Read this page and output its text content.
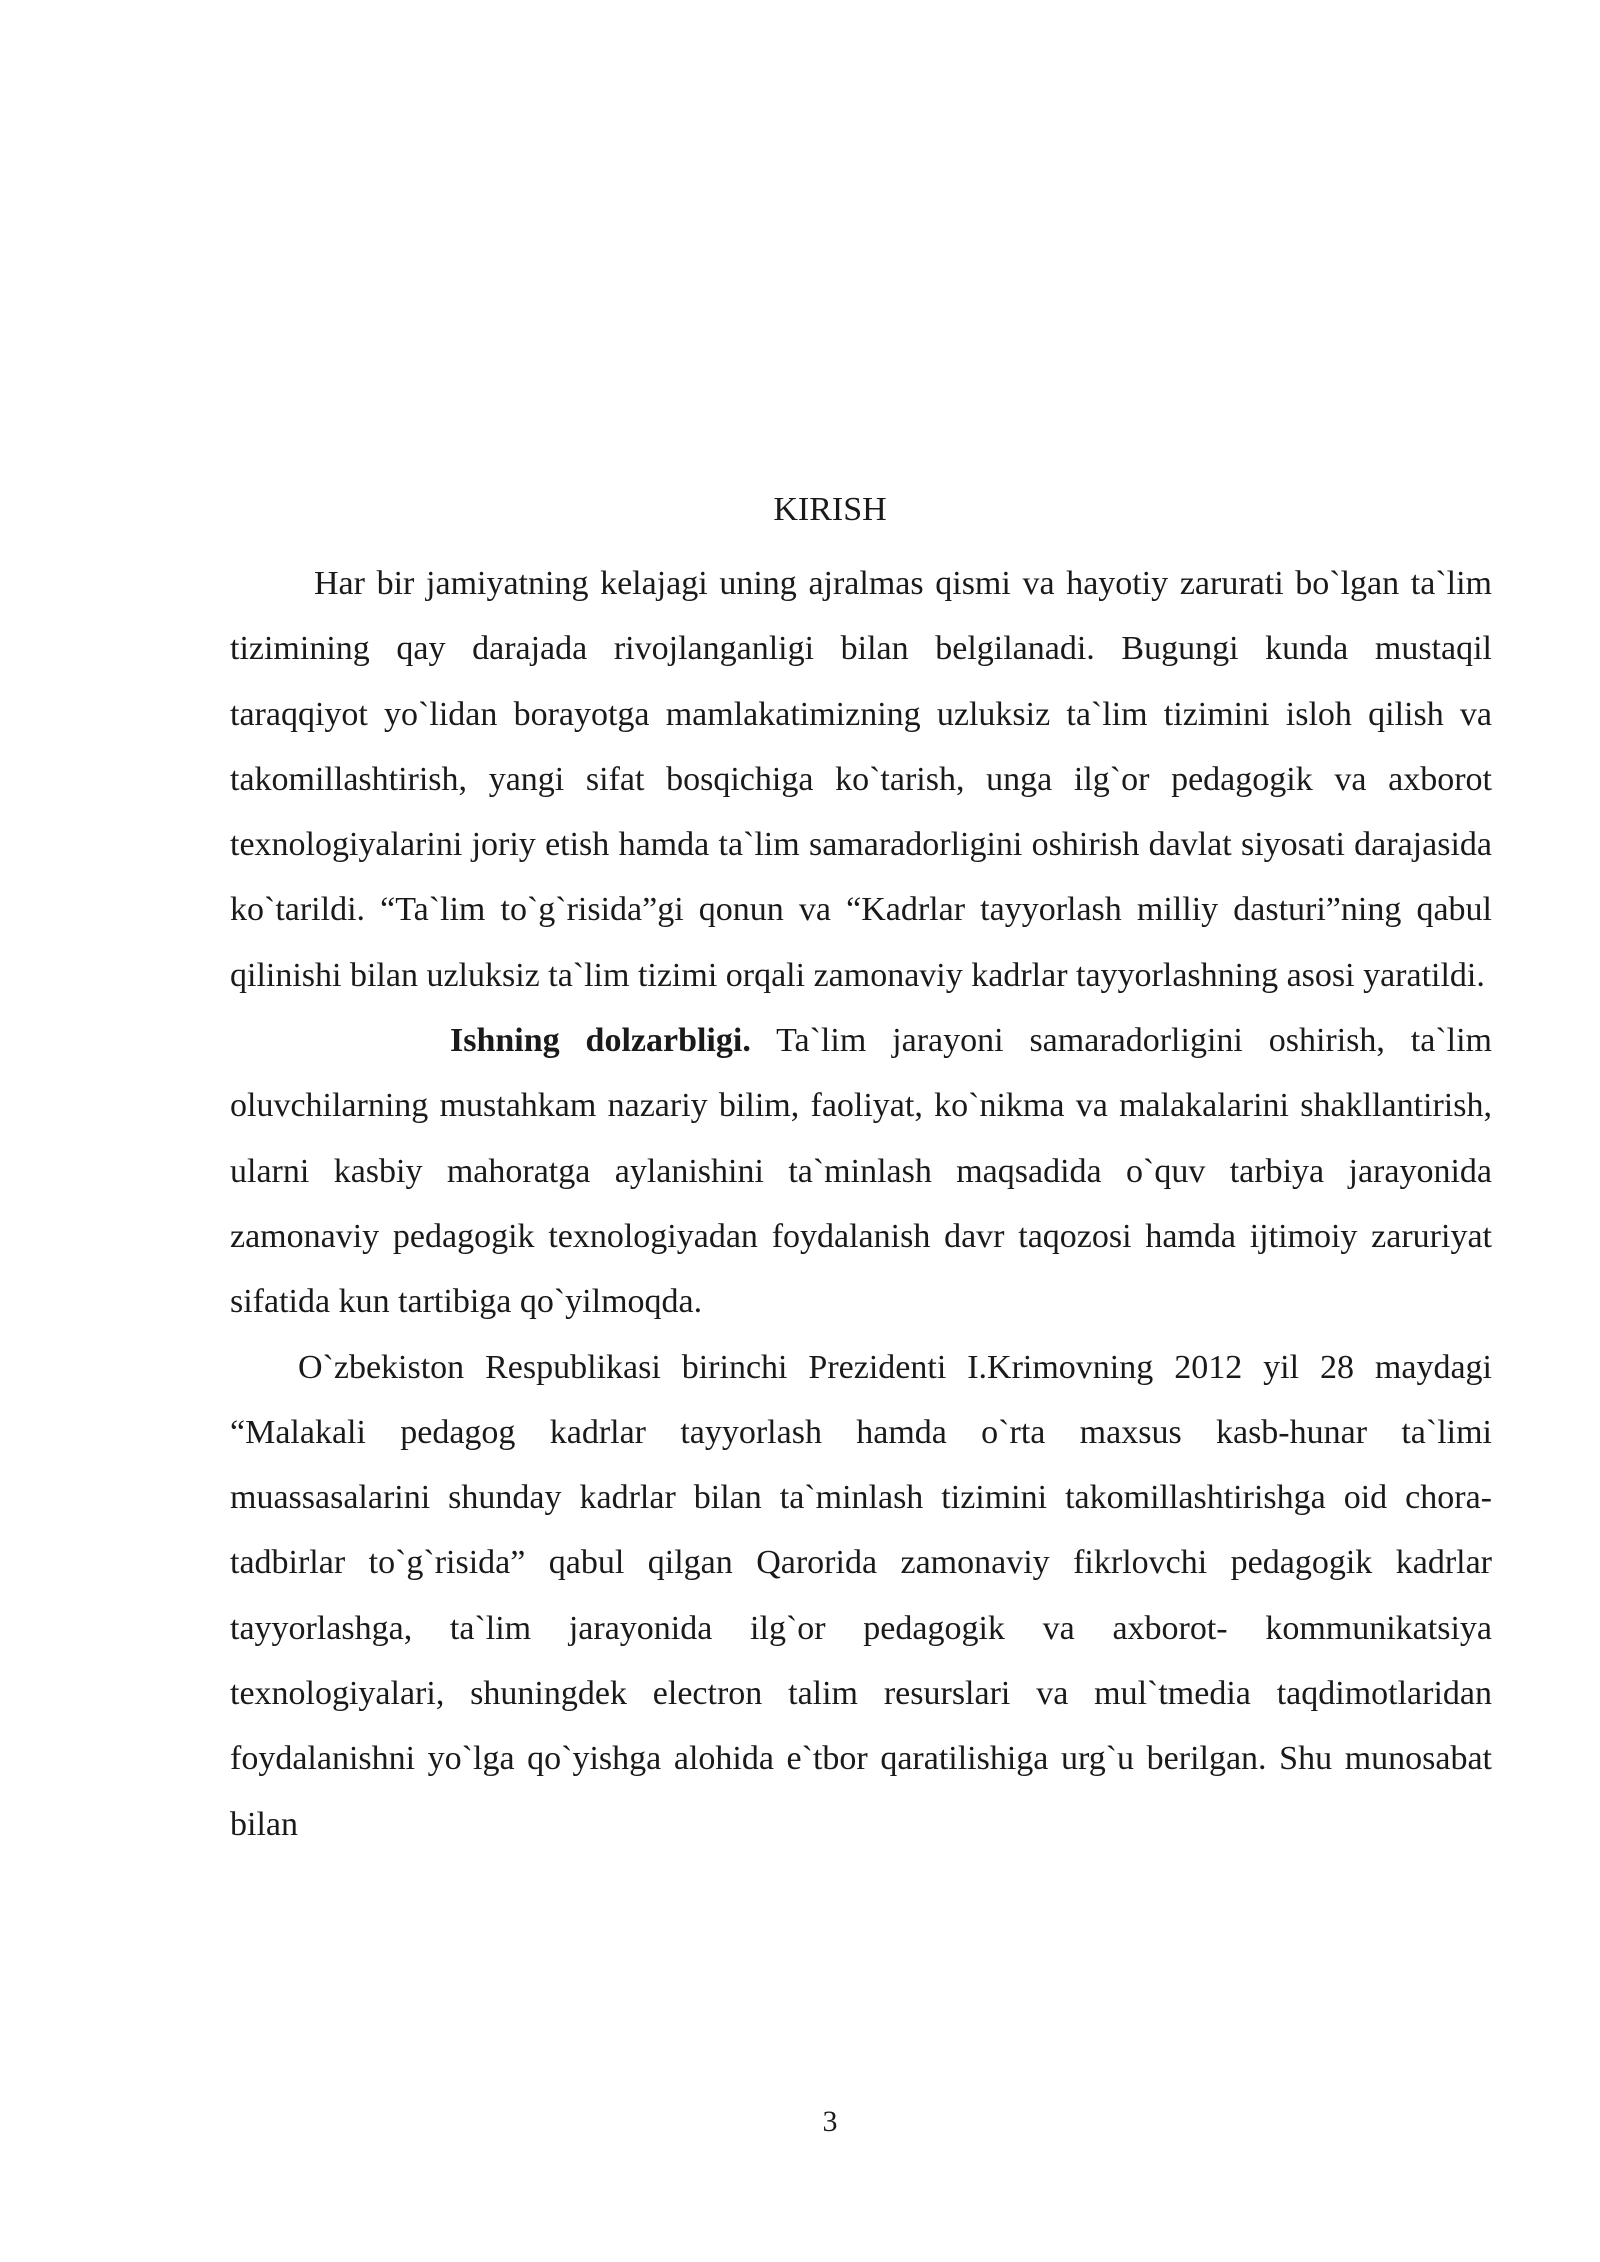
KIRISH

Har bir jamiyatning kelajagi uning ajralmas qismi va hayotiy zarurati bo`lgan ta`lim tizimining qay darajada rivojlanganligi bilan belgilanadi. Bugungi kunda mustaqil taraqqiyot yo`lidan borayotga mamlakatimizning uzluksiz ta`lim tizimini isloh qilish va takomillashtirish, yangi sifat bosqichiga ko`tarish, unga ilg`or pedagogik va axborot texnologiyalarini joriy etish hamda ta`lim samaradorligini oshirish davlat siyosati darajasida ko`tarildi. “Ta`lim to`g`risida”gi qonun va “Kadrlar tayyorlash milliy dasturi”ning qabul qilinishi bilan uzluksiz ta`lim tizimi orqali zamonaviy kadrlar tayyorlashning asosi yaratildi.

Ishning dolzarbligi. Ta`lim jarayoni samaradorligini oshirish, ta`lim oluvchilarning mustahkam nazariy bilim, faoliyat, ko`nikma va malakalarini shakllantirish, ularni kasbiy mahoratga aylanishini ta`minlash maqsadida o`quv tarbiya jarayonida zamonaviy pedagogik texnologiyadan foydalanish davr taqozosi hamda ijtimoiy zaruriyat sifatida kun tartibiga qo`yilmoqda.

O`zbekiston Respublikasi birinchi Prezidenti I.Krimovning 2012 yil 28 maydagi “Malakali pedagog kadrlar tayyorlash hamda o`rta maxsus kasb-hunar ta`limi muassasalarini shunday kadrlar bilan ta`minlash tizimini takomillashtirishga oid chora-tadbirlar to`g`risida” qabul qilgan Qarorida zamonaviy fikrlovchi pedagogik kadrlar tayyorlashga, ta`lim jarayonida ilg`or pedagogik va axborot- kommunikatsiya texnologiyalari, shuningdek electron talim resurslari va mul`tmedia taqdimotlaridan foydalanishni yo`lga qo`yishga alohida e`tbor qaratilishiga urg`u berilgan. Shu munosabat bilan

3
